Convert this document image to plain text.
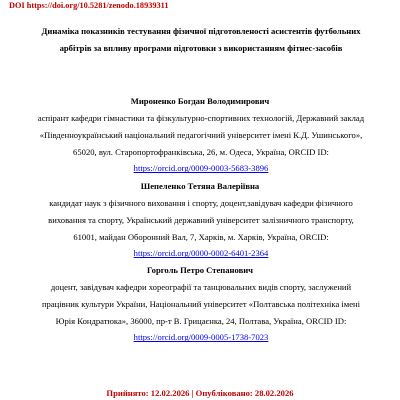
DOI https://doi.org/10.5281/zenodo.18939311
Динаміка показників тестування фізичної підготовленості асистентів футбольних арбітрів за впливу програми підготовки з використанням фітнес-засобів
Мироненко Богдан Володимирович
аспірант кафедри гімнастики та фізкультурно-спортивних технологій, Державний заклад «Південноукраїнський національний педагогічний університет імені К.Д. Ушинського», 65020, вул. Старопортофранківська, 26, м. Одеса, Україна, ORCID ID: https://orcid.org/0009-0003-5683-3896
Шепеленко Тетяна Валеріївна
кандидат наук з фізичного виховання і спорту, доцент,завідувач кафедри фізичного виховання та спорту, Український державний університет залізничного транспорту, 61001, майдан Оборонний Вал, 7, Харків, м. Харків, Україна, ORCID: https://orcid.org/0000-0002-6401-2364
Горголь Петро Степанович
доцент, завідувач кафедри хореографії та танцювальних видів спорту, заслужений працівник культури України, Національний університет «Полтавська політехніка імені Юрія Кондратюка», 36000, пр-т В. Грицаєнка, 24, Полтава, Україна, ORCID ID: https://orcid.org/0009-0005-1738-7023
Прийнято: 12.02.2026 | Опубліковано: 28.02.2026
